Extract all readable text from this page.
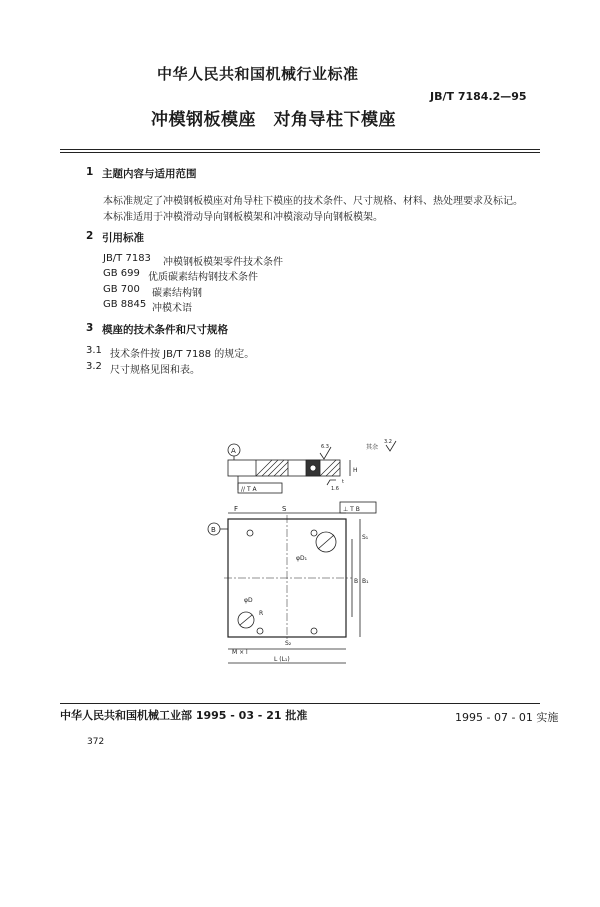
中华人民共和国机械行业标准
JB/T 7184.2—95
冲模钢板模座　对角导柱下模座
1 主题内容与适用范围
本标准规定了冲模钢板模座对角导柱下模座的技术条件、尺寸规格、材料、热处理要求及标记。
本标准适用于冲模滑动导向钢板模架和冲模滚动导向钢板模架。
2 引用标准
JB/T 7183 冲模钢板模架零件技术条件
GB 699 优质碳素结构钢技术条件
GB 700 碳素结构钢
GB 8845 冲模术语
3 模座的技术条件和尺寸规格
3.1 技术条件按 JB/T 7188 的规定。
3.2 尺寸规格见图和表。
A	6.3
1.6
H
t
其余
3.2
// T A
⊥ T B
S
F
B
φD₁
φD
R
B B₁
S₁
M × l
S₂
L (L₁)
中华人民共和国机械工业部 1995 - 03 - 21 批准	1995 - 07 - 01 实施
372
